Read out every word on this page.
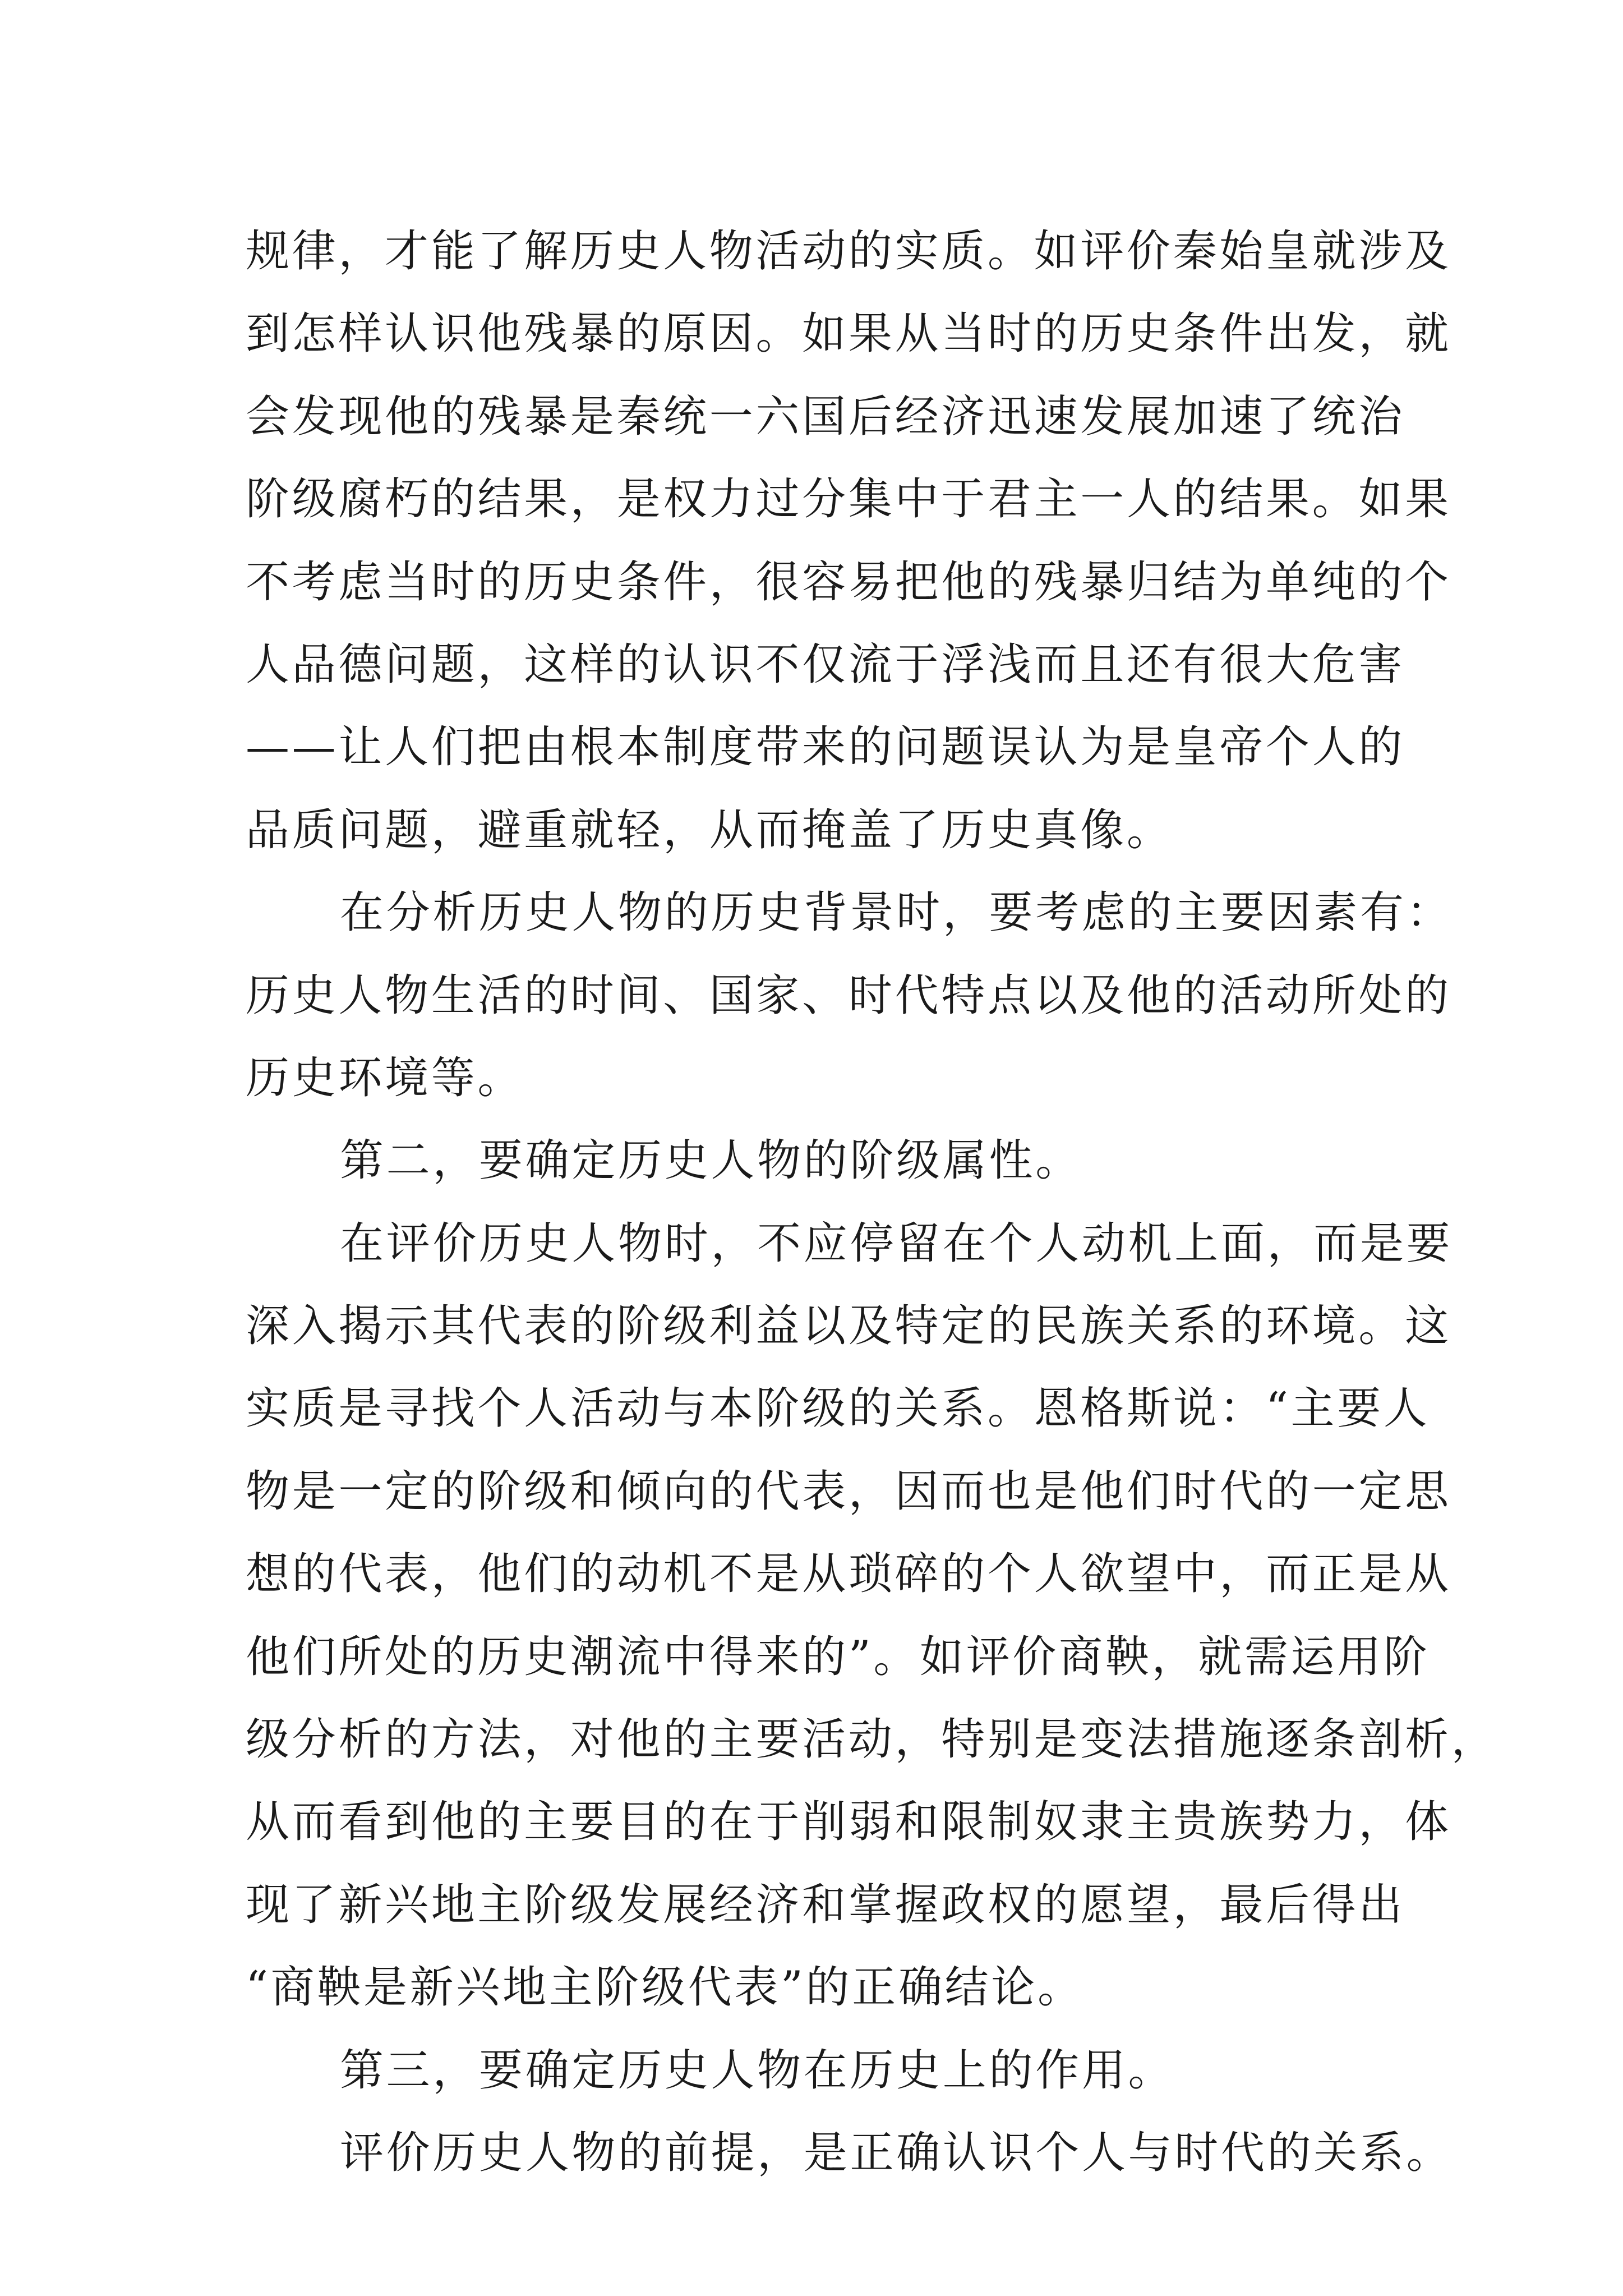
规律，才能了解历史人物活动的实质。如评价秦始皇就涉及
到怎样认识他残暴的原因。如果从当时的历史条件出发，就
会发现他的残暴是秦统一六国后经济迅速发展加速了统治
阶级腐朽的结果，是权力过分集中于君主一人的结果。如果
不考虑当时的历史条件，很容易把他的残暴归结为单纯的个
人品德问题，这样的认识不仅流于浮浅而且还有很大危害
——让人们把由根本制度带来的问题误认为是皇帝个人的
品质问题，避重就轻，从而掩盖了历史真像。
在分析历史人物的历史背景时，要考虑的主要因素有：
历史人物生活的时间、国家、时代特点以及他的活动所处的
历史环境等。
第二，要确定历史人物的阶级属性。
在评价历史人物时，不应停留在个人动机上面，而是要
深入揭示其代表的阶级利益以及特定的民族关系的环境。这
实质是寻找个人活动与本阶级的关系。恩格斯说：“主要人
物是一定的阶级和倾向的代表，因而也是他们时代的一定思
想的代表，他们的动机不是从琐碎的个人欲望中，而正是从
他们所处的历史潮流中得来的”。如评价商鞅，就需运用阶
级分析的方法，对他的主要活动，特别是变法措施逐条剖析，
从而看到他的主要目的在于削弱和限制奴隶主贵族势力，体
现了新兴地主阶级发展经济和掌握政权的愿望，最后得出
“商鞅是新兴地主阶级代表”的正确结论。
第三，要确定历史人物在历史上的作用。
评价历史人物的前提，是正确认识个人与时代的关系。
